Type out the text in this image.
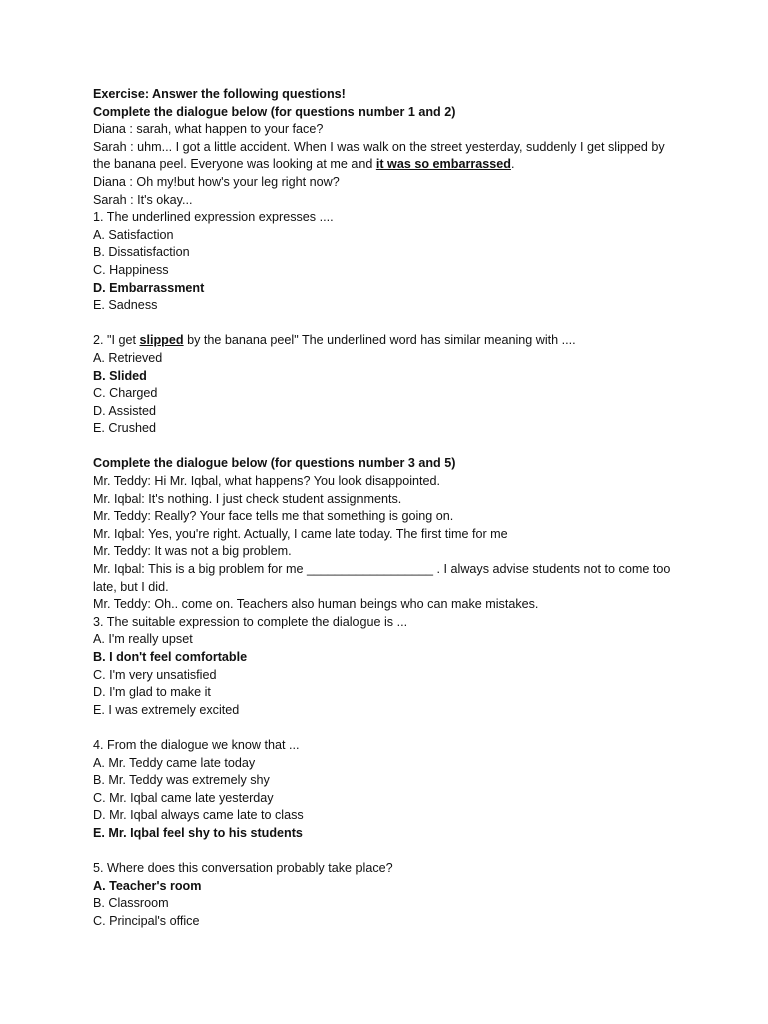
Exercise: Answer the following questions!
Complete the dialogue below (for questions number 1 and 2)
Diana : sarah, what happen to your face?
Sarah : uhm... I got a little accident. When I was walk on the street yesterday, suddenly I get slipped by the banana peel. Everyone was looking at me and it was so embarrassed.
Diana : Oh my!but how's your leg right now?
Sarah : It's okay...
1. The underlined expression expresses ....
A. Satisfaction
B. Dissatisfaction
C. Happiness
D. Embarrassment
E. Sadness
2. "I get slipped by the banana peel" The underlined word has similar meaning with ....
A. Retrieved
B. Slided
C. Charged
D. Assisted
E. Crushed
Complete the dialogue below (for questions number 3 and 5)
Mr. Teddy: Hi Mr. Iqbal, what happens? You look disappointed.
Mr. Iqbal: It's nothing. I just check student assignments.
Mr. Teddy: Really? Your face tells me that something is going on.
Mr. Iqbal: Yes, you're right. Actually, I came late today. The first time for me
Mr. Teddy: It was not a big problem.
Mr. Iqbal: This is a big problem for me __________________ . I always advise students not to come too late, but I did.
Mr. Teddy: Oh.. come on. Teachers also human beings who can make mistakes.
3. The suitable expression to complete the dialogue is ...
A. I'm really upset
B. I don't feel comfortable
C. I'm very unsatisfied
D. I'm glad to make it
E. I was extremely excited
4. From the dialogue we know that ...
A. Mr. Teddy came late today
B. Mr. Teddy was extremely shy
C. Mr. Iqbal came late yesterday
D. Mr. Iqbal always came late to class
E. Mr. Iqbal feel shy to his students
5. Where does this conversation probably take place?
A. Teacher's room
B. Classroom
C. Principal's office
